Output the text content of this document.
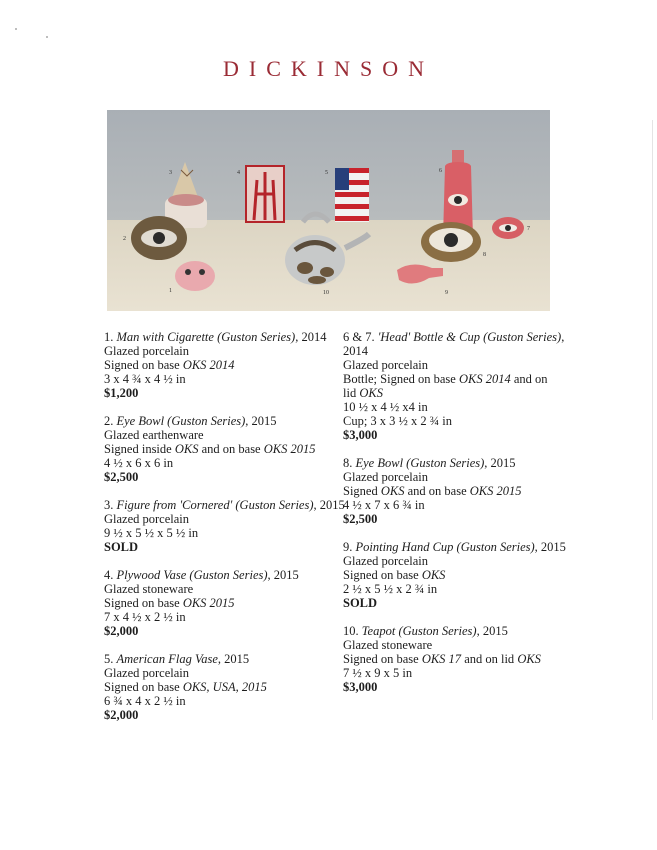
DICKINSON
1
2
3	4	5	6
7
8
9
10
1. Man with Cigarette (Guston Series), 2014
Glazed porcelain
Signed on base OKS 2014
3 x 4 ¾ x 4 ½ in
$1,200
2. Eye Bowl (Guston Series), 2015
Glazed earthenware
Signed inside OKS and on base OKS 2015
4 ½ x 6 x 6 in
$2,500
3. Figure from 'Cornered' (Guston Series), 2015
Glazed porcelain
9 ½ x 5 ½ x 5 ½ in
SOLD
4. Plywood Vase (Guston Series), 2015
Glazed stoneware
Signed on base OKS 2015
7 x 4 ½ x 2 ½ in
$2,000
5. American Flag Vase, 2015
Glazed porcelain
Signed on base OKS, USA, 2015
6 ¾ x 4 x 2 ½ in
$2,000
6 & 7. 'Head' Bottle & Cup (Guston Series),
2014
Glazed porcelain
Bottle; Signed on base OKS 2014 and on
lid OKS
10 ½ x 4 ½ x4 in
Cup; 3 x 3 ½ x 2 ¾ in
$3,000
8. Eye Bowl (Guston Series), 2015
Glazed porcelain
Signed OKS and on base OKS 2015
4 ½ x 7 x 6 ¾ in
$2,500
9. Pointing Hand Cup (Guston Series), 2015
Glazed porcelain
Signed on base OKS
2 ½ x 5 ½ x 2 ¾ in
SOLD
10. Teapot (Guston Series), 2015
Glazed stoneware
Signed on base OKS 17 and on lid OKS
7 ½ x 9 x 5 in
$3,000
